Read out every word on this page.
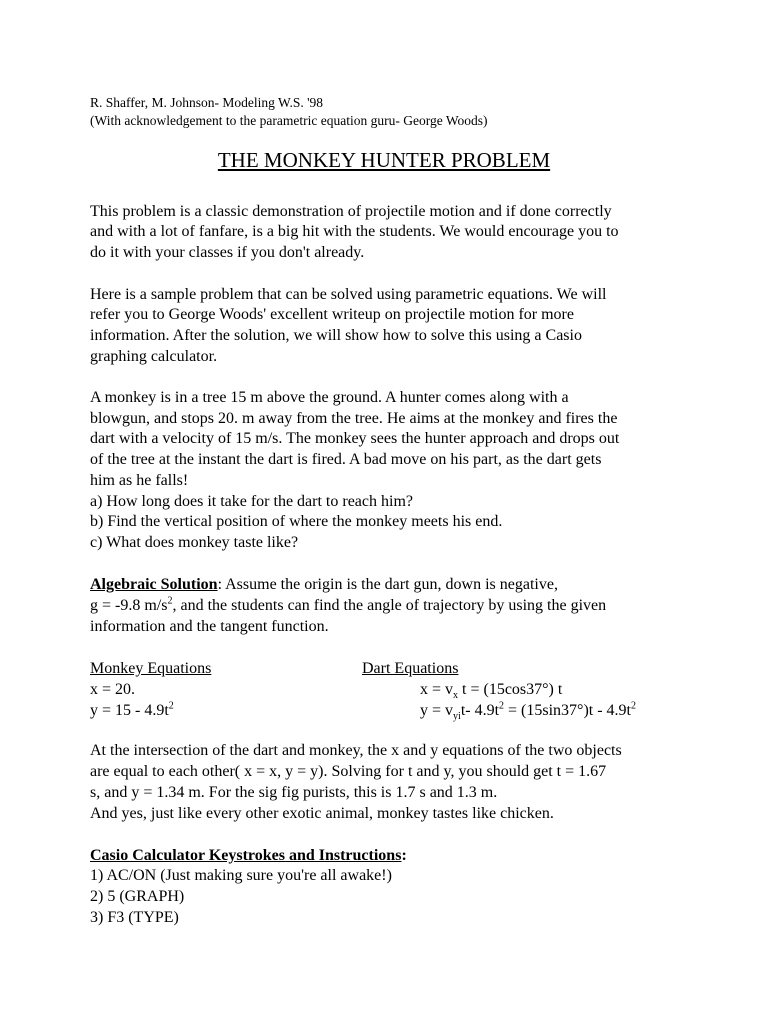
R. Shaffer, M. Johnson- Modeling W.S. '98
(With acknowledgement to the parametric equation guru- George Woods)
THE MONKEY HUNTER PROBLEM
This problem is a classic demonstration of projectile motion and if done correctly
and with a lot of fanfare, is a big hit with the students. We would encourage you to
do it with your classes if you don't already.
Here is a sample problem that can be solved using parametric equations. We will
refer you to George Woods' excellent writeup on projectile motion for more
information. After the solution, we will show how to solve this using a Casio
graphing calculator.
A monkey is in a tree 15 m above the ground. A hunter comes along with a
blowgun, and stops 20. m away from the tree. He aims at the monkey and fires the
dart with a velocity of 15 m/s. The monkey sees the hunter approach and drops out
of the tree at the instant the dart is fired. A bad move on his part, as the dart gets
him as he falls!
a) How long does it take for the dart to reach him?
b) Find the vertical position of where the monkey meets his end.
c) What does monkey taste like?
Algebraic Solution: Assume the origin is the dart gun, down is negative,
g = -9.8 $m/s^2$, and the students can find the angle of trajectory by using the given
information and the tangent function.
Monkey Equations	Dart Equations
x = 20.	$x = v_x$ t = (15cos37°) t
$y = 15 - 4.9t^2$	$y = v_{yi}t-$ $4.9t^2 = (15\sin 37^\circ)t - 4.9t^2$
At the intersection of the dart and monkey, the x and y equations of the two objects
are equal to each other( x = x, y = y). Solving for t and y, you should get t = 1.67
s, and y = 1.34 m. For the sig fig purists, this is 1.7 s and 1.3 m.
And yes, just like every other exotic animal, monkey tastes like chicken.
Casio Calculator Keystrokes and Instructions:
1) AC/ON (Just making sure you're all awake!)
2) 5 (GRAPH)
3) F3 (TYPE)
